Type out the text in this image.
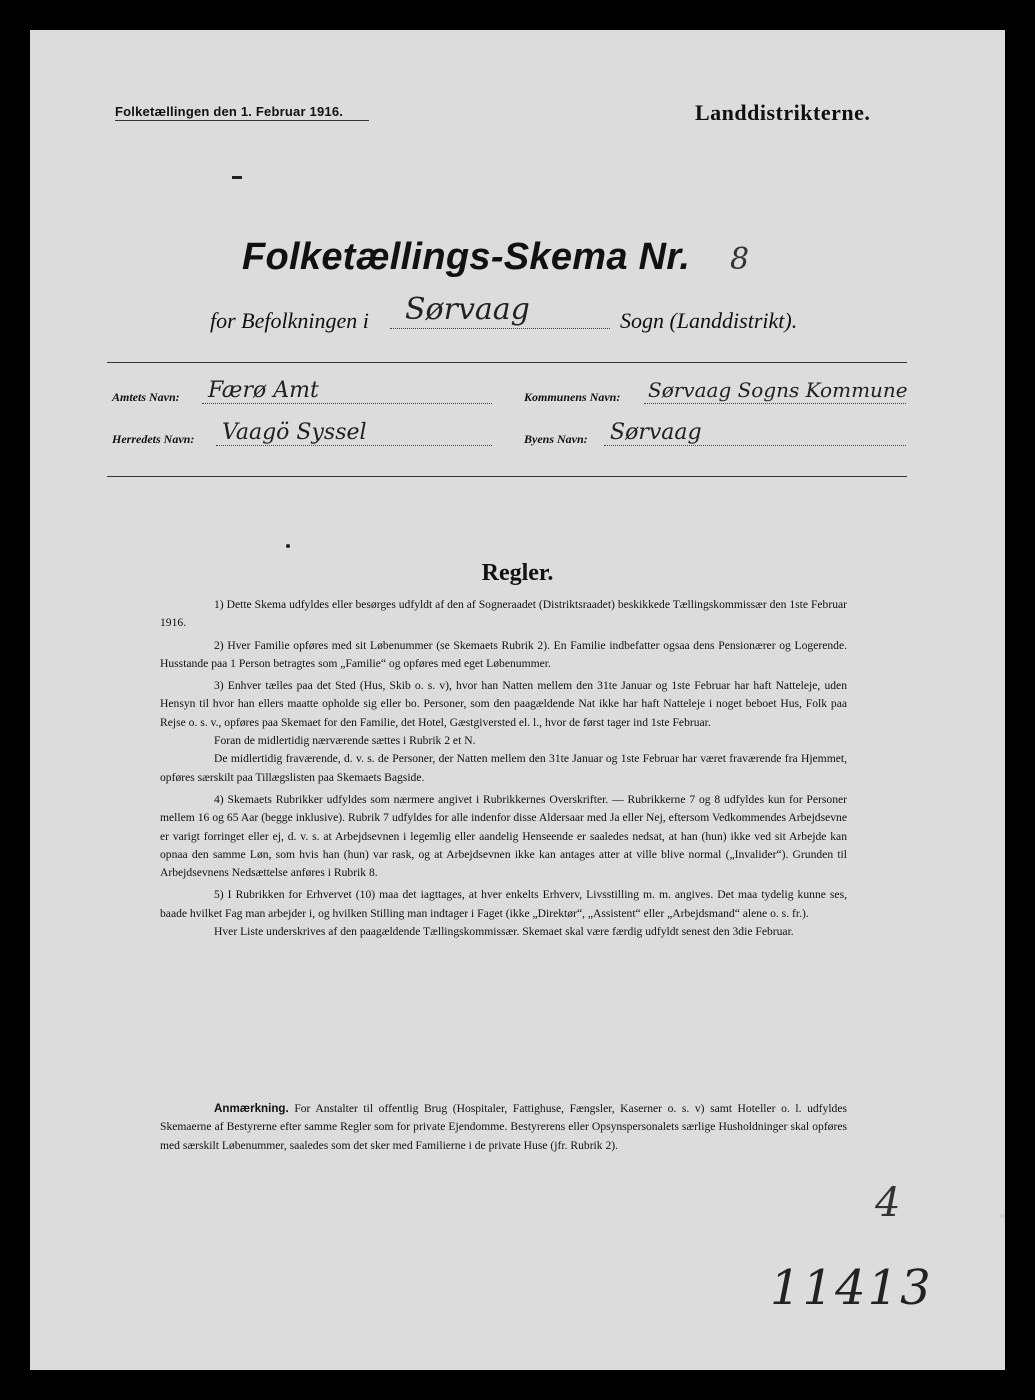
Folketællingen den 1. Februar 1916.	Landdistrikterne.
Folketællings-Skema Nr. 8
for Befolkningen i Sørvaag	Sogn (Landdistrikt).
Amtets Navn: Færø Amt	Kommunens Navn: Sørvaag Sogns Kommune
Herredets Navn: Vaagö Syssel	Byens Navn: Sørvaag
Regler.

1) Dette Skema udfyldes eller besørges udfyldt af den af Sogneraadet (Distriktsraadet) beskikkede Tællingskommissær den 1ste Februar 1916.

2) Hver Familie opføres med sit Løbenummer (se Skemaets Rubrik 2). En Familie indbefatter ogsaa dens Pensionærer og Logerende. Husstande paa 1 Person betragtes som „Familie“ og opføres med eget Løbenummer.

3) Enhver tælles paa det Sted (Hus, Skib o. s. v), hvor han Natten mellem den 31te Januar og 1ste Februar har haft Natteleje, uden Hensyn til hvor han ellers maatte opholde sig eller bo. Personer, som den paagældende Nat ikke har haft Natteleje i noget beboet Hus, Folk paa Rejse o. s. v., opføres paa Skemaet for den Familie, det Hotel, Gæstgiversted el. l., hvor de først tager ind 1ste Februar.

Foran de midlertidig nærværende sættes i Rubrik 2 et N.

De midlertidig fraværende, d. v. s. de Personer, der Natten mellem den 31te Januar og 1ste Februar har været fraværende fra Hjemmet, opføres særskilt paa Tillægslisten paa Skemaets Bagside.

4) Skemaets Rubrikker udfyldes som nærmere angivet i Rubrikkernes Overskrifter. — Rubrikkerne 7 og 8 udfyldes kun for Personer mellem 16 og 65 Aar (begge inklusive). Rubrik 7 udfyldes for alle indenfor disse Aldersaar med Ja eller Nej, eftersom Vedkommendes Arbejdsevne er varigt forringet eller ej, d. v. s. at Arbejdsevnen i legemlig eller aandelig Henseende er saaledes nedsat, at han (hun) ikke ved sit Arbejde kan opnaa den samme Løn, som hvis han (hun) var rask, og at Arbejdsevnen ikke kan antages atter at ville blive normal („Invalider“). Grunden til Arbejdsevnens Nedsættelse anføres i Rubrik 8.

5) I Rubrikken for Erhvervet (10) maa det iagttages, at hver enkelts Erhverv, Livsstilling m. m. angives. Det maa tydelig kunne ses, baade hvilket Fag man arbejder i, og hvilken Stilling man indtager i Faget (ikke „Direktør“, „Assistent“ eller „Arbejdsmand“ alene o. s. fr.).

Hver Liste underskrives af den paagældende Tællingskommissær. Skemaet skal være færdig udfyldt senest den 3die Februar.

Anmærkning. For Anstalter til offentlig Brug (Hospitaler, Fattighuse, Fængsler, Kaserner o. s. v) samt Hoteller o. l. udfyldes Skemaerne af Bestyrerne efter samme Regler som for private Ejendomme. Bestyrerens eller Opsynspersonalets særlige Husholdninger skal opføres med særskilt Løbenummer, saaledes som det sker med Familierne i de private Huse (jfr. Rubrik 2).
4
11413
